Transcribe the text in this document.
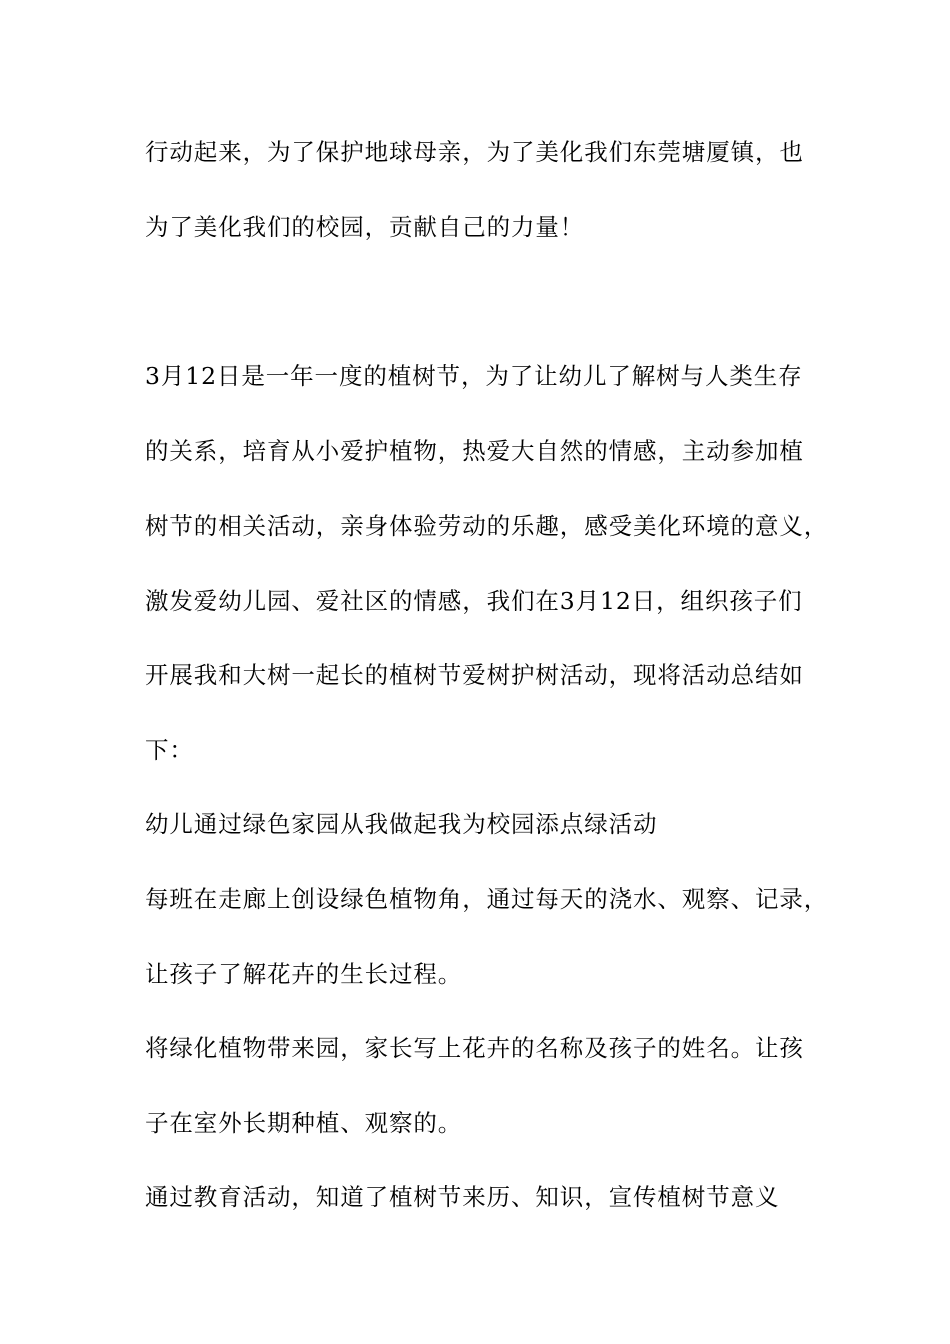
行动起来，为了保护地球母亲，为了美化我们东莞塘厦镇，也

为了美化我们的校园，贡献自己的力量！

3月12日是一年一度的植树节，为了让幼儿了解树与人类生存

的关系，培育从小爱护植物，热爱大自然的情感，主动参加植

树节的相关活动，亲身体验劳动的乐趣，感受美化环境的意义，

激发爱幼儿园、爱社区的情感，我们在3月12日，组织孩子们

开展我和大树一起长的植树节爱树护树活动，现将活动总结如

下：

幼儿通过绿色家园从我做起我为校园添点绿活动

每班在走廊上创设绿色植物角，通过每天的浇水、观察、记录，

让孩子了解花卉的生长过程。

将绿化植物带来园，家长写上花卉的名称及孩子的姓名。让孩

子在室外长期种植、观察的。

通过教育活动，知道了植树节来历、知识，宣传植树节意义
